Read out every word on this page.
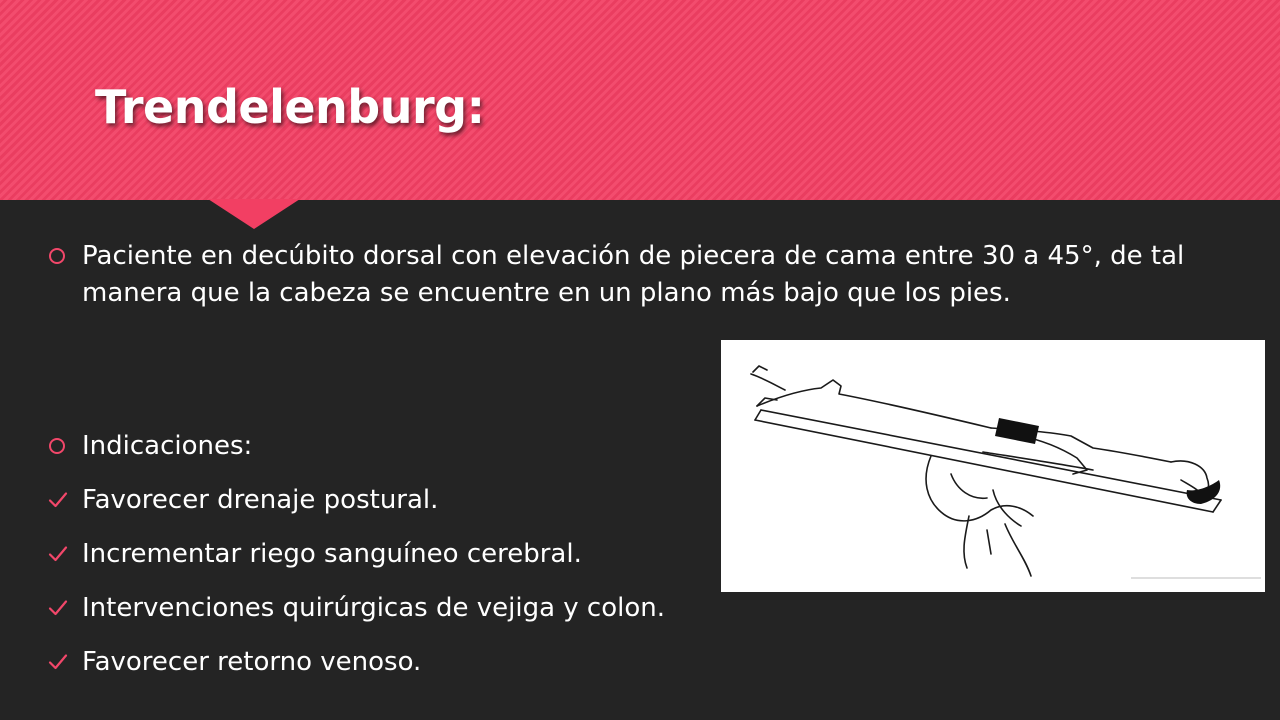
Trendelenburg:
Paciente en decúbito dorsal con elevación de piecera de cama entre 30 a 45°, de tal manera que la cabeza se encuentre en un plano más bajo que los pies.
Indicaciones:
Favorecer drenaje postural.
Incrementar riego sanguíneo cerebral.
Intervenciones quirúrgicas de vejiga y colon.
Favorecer retorno venoso.
